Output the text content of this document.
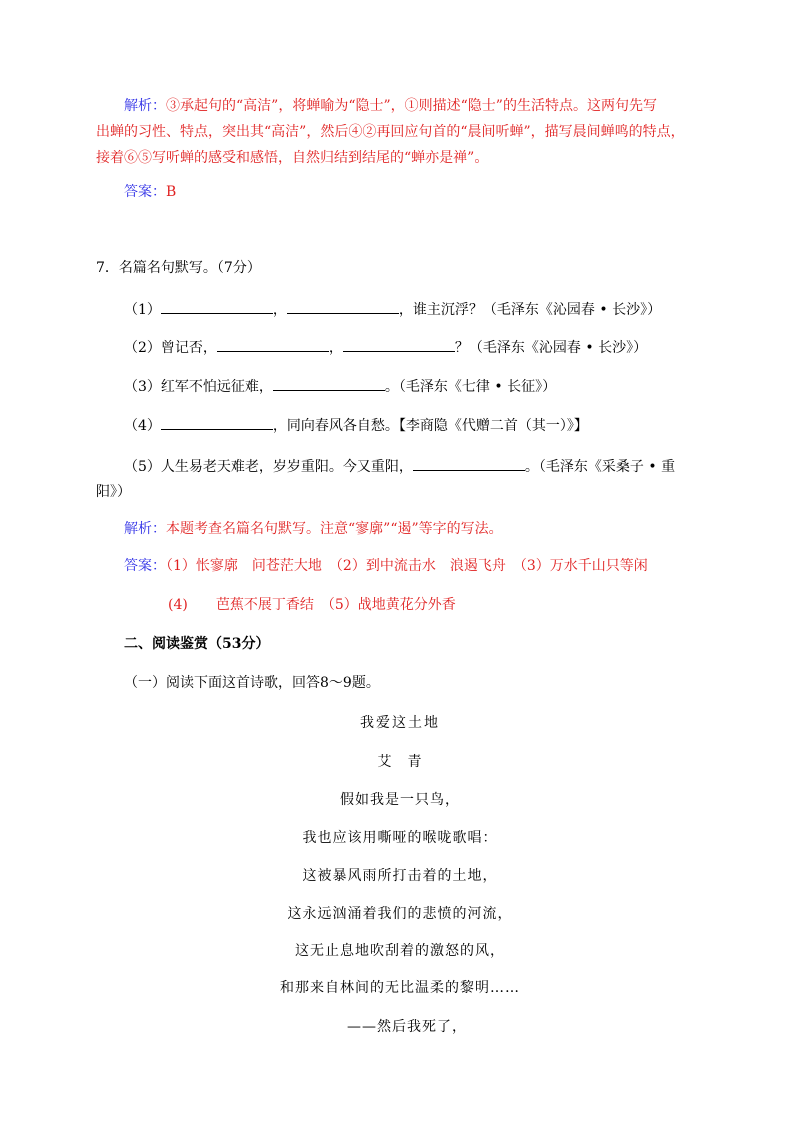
解析：③承起句的“高洁”，将蝉喻为“隐士”，①则描述“隐士”的生活特点。这两句先写
出蝉的习性、特点，突出其“高洁”，然后④②再回应句首的“晨间听蝉”，描写晨间蝉鸣的特点，
接着⑥⑤写听蝉的感受和感悟，自然归结到结尾的“蝉亦是禅”。
答案：B
7．名篇名句默写。（7分）
（1）	，	，谁主沉浮？（毛泽东《沁园春 • 长沙》）
（2）曾记否，	，	？（毛泽东《沁园春 • 长沙》）
（3）红军不怕远征难，	。（毛泽东《七律 • 长征》）
（4）	，同向春风各自愁。【李商隐《代赠二首（其一）》】
（5）人生易老天难老，岁岁重阳。今又重阳，	。（毛泽东《采桑子 • 重
阳》）
解析：本题考查名篇名句默写。注意“寥廓”“遏”等字的写法。
答案：（1）怅寥廓　问苍茫大地　（2）到中流击水　浪遏飞舟　（3）万水千山只等闲
(4)　　芭蕉不展丁香结　（5）战地黄花分外香
二、阅读鉴赏（53分）
（一）阅读下面这首诗歌，回答8～9题。
我爱这土地
艾　青
假如我是一只鸟，
我也应该用嘶哑的喉咙歌唱：
这被暴风雨所打击着的土地，
这永远汹涌着我们的悲愤的河流，
这无止息地吹刮着的激怒的风，
和那来自林间的无比温柔的黎明……
——然后我死了，
